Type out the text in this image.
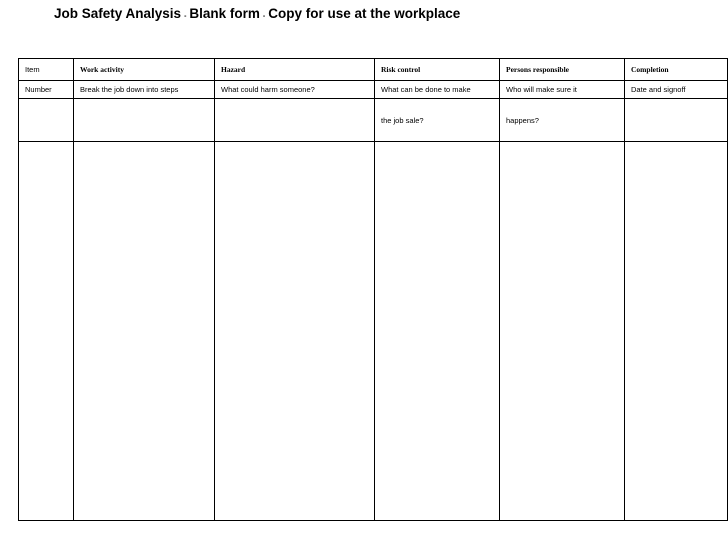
Job Safety Analysis - Blank form - Copy for use at the workplace
Item	Work activity	Hazard	Risk control	Persons responsible	Completion
Number	Break the job down into steps	What could harm someone?	What can be done to make	Who will make sure it	Date and signoff
			the job sale?	happens?	
